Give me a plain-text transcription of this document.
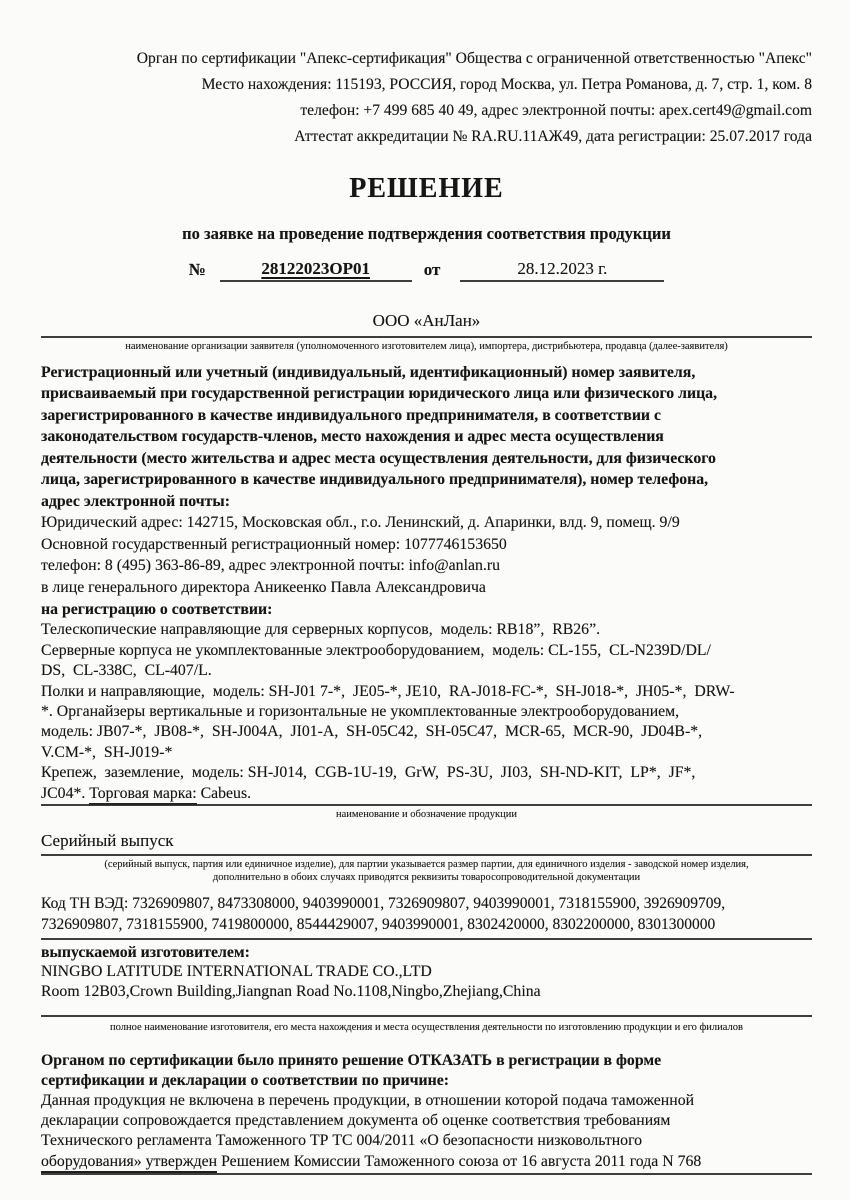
Орган по сертификации "Апекс-сертификация" Общества с ограниченной ответственностью "Апекс"
Место нахождения: 115193, РОССИЯ, город Москва, ул. Петра Романова, д. 7, стр. 1, ком. 8
телефон: +7 499 685 40 49, адрес электронной почты: apex.cert49@gmail.com
Аттестат аккредитации № RA.RU.11АЖ49, дата регистрации: 25.07.2017 года
РЕШЕНИЕ
по заявке на проведение подтверждения соответствия продукции
№	28122023ОР01	от	28.12.2023 г.
ООО «АнЛан»
наименование организации заявителя (уполномоченного изготовителем лица), импортера, дистрибьютера, продавца (далее-заявителя)
Регистрационный или учетный (индивидуальный, идентификационный) номер заявителя,
присваиваемый при государственной регистрации юридического лица или физического лица,
зарегистрированного в качестве индивидуального предпринимателя, в соответствии с
законодательством государств-членов, место нахождения и адрес места осуществления
деятельности (место жительства и адрес места осуществления деятельности, для физического
лица, зарегистрированного в качестве индивидуального предпринимателя), номер телефона,
адрес электронной почты:
Юридический адрес: 142715, Московская обл., г.о. Ленинский, д. Апаринки, влд. 9, помещ. 9/9
Основной государственный регистрационный номер: 1077746153650
телефон: 8 (495) 363-86-89, адрес электронной почты: info@anlan.ru
в лице генерального директора Аникеенко Павла Александровича
на регистрацию о соответствии:
Телескопические направляющие для серверных корпусов,  модель: RB18”,  RB26”.
Серверные корпуса не укомплектованные электрооборудованием,  модель: CL-155,  CL-N239D/DL/
DS,  CL-338C,  CL-407/L.
Полки и направляющие,  модель: SH-J01 7-*,  JE05-*, JE10,  RA-J018-FC-*,  SH-J018-*,  JH05-*,  DRW-
*. Органайзеры вертикальные и горизонтальные не укомплектованные электрооборудованием,
модель: JB07-*,  JB08-*,  SH-J004A,  JI01-A,  SH-05C42,  SH-05C47,  MCR-65,  MCR-90,  JD04B-*,
V.CM-*,  SH-J019-*
Крепеж,  заземление,  модель: SH-J014,  CGB-1U-19,  GrW,  PS-3U,  JI03,  SH-ND-KIT,  LP*,  JF*,
JC04*. Торговая марка: Cabeus.
наименование и обозначение продукции
Серийный выпуск
(серийный выпуск, партия или единичное изделие), для партии указывается размер партии, для единичного изделия - заводской номер изделия,
дополнительно в обоих случаях приводятся реквизиты товаросопроводительной документации
Код ТН ВЭД: 7326909807, 8473308000, 9403990001, 7326909807, 9403990001, 7318155900, 3926909709,
7326909807, 7318155900, 7419800000, 8544429007, 9403990001, 8302420000, 8302200000, 8301300000
выпускаемой изготовителем:
NINGBO LATITUDE INTERNATIONAL TRADE CO.,LTD
Room 12B03,Crown Building,Jiangnan Road No.1108,Ningbo,Zhejiang,China
полное наименование изготовителя, его места нахождения и места осуществления деятельности по изготовлению продукции и его филиалов
Органом по сертификации было принято решение ОТКАЗАТЬ в регистрации в форме
сертификации и декларации о соответствии по причине:
Данная продукция не включена в перечень продукции, в отношении которой подача таможенной
декларации сопровождается представлением документа об оценке соответствия требованиям
Технического регламента Таможенного ТР ТС 004/2011 «О безопасности низковольтного
оборудования» утвержден Решением Комиссии Таможенного союза от 16 августа 2011 года N 768
